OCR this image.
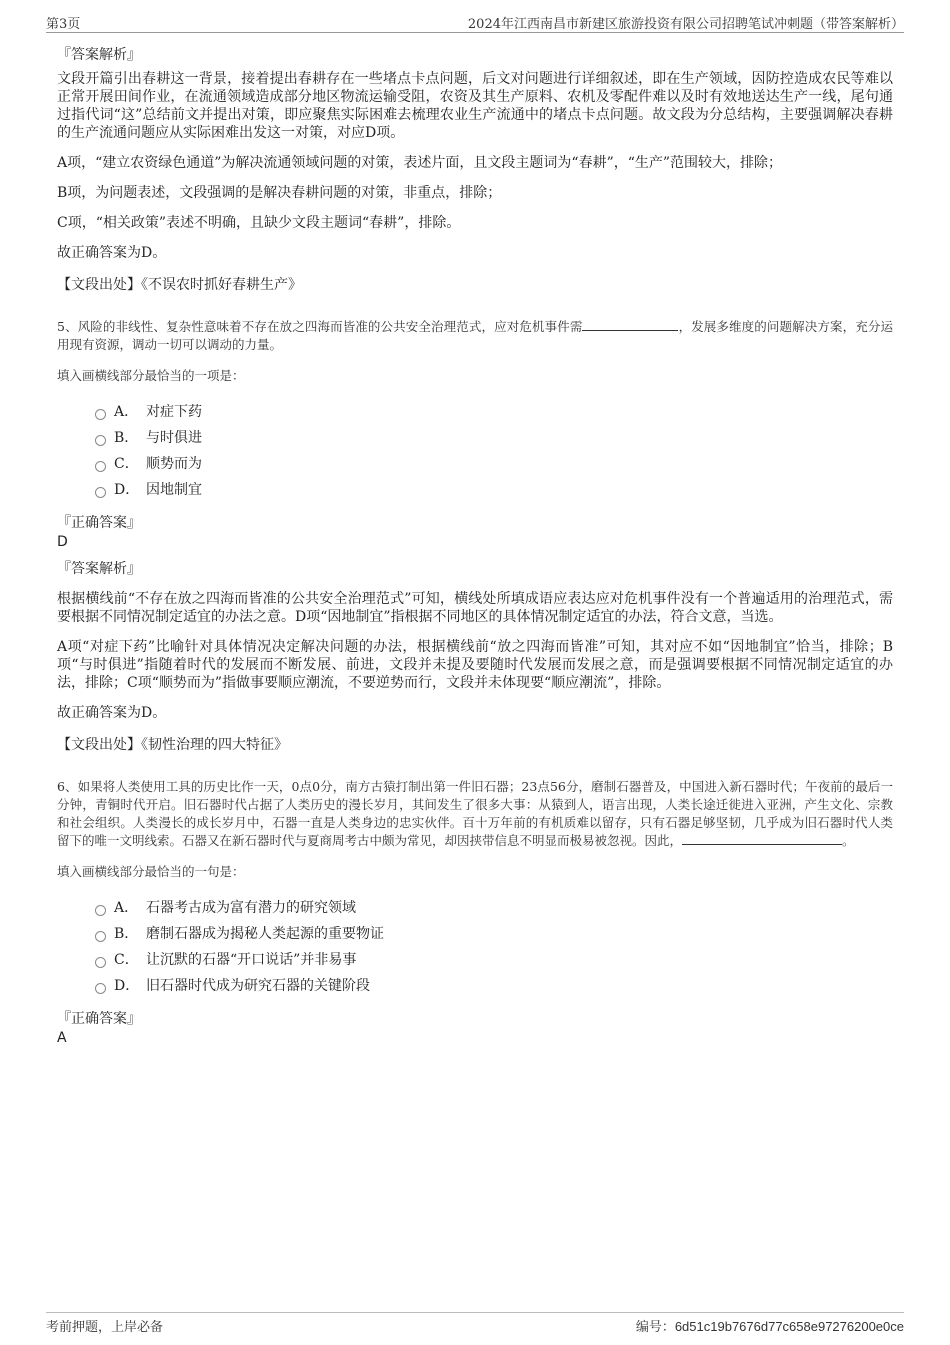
第3页	2024年江西南昌市新建区旅游投资有限公司招聘笔试冲刺题（带答案解析）

『答案解析』

文段开篇引出春耕这一背景，接着提出春耕存在一些堵点卡点问题，后文对问题进行详细叙述，即在生产领域，因防控造成农民等难以正常开展田间作业，在流通领域造成部分地区物流运输受阻，农资及其生产原料、农机及零配件难以及时有效地送达生产一线，尾句通过指代词“这”总结前文并提出对策，即应聚焦实际困难去梳理农业生产流通中的堵点卡点问题。故文段为分总结构，主要强调解决春耕的生产流通问题应从实际困难出发这一对策，对应D项。

A项，“建立农资绿色通道”为解决流通领域问题的对策，表述片面，且文段主题词为“春耕”，“生产”范围较大，排除；

B项，为问题表述，文段强调的是解决春耕问题的对策，非重点，排除；

C项，“相关政策”表述不明确，且缺少文段主题词“春耕”，排除。

故正确答案为D。

【文段出处】《不误农时抓好春耕生产》

5、风险的非线性、复杂性意味着不存在放之四海而皆准的公共安全治理范式，应对危机事件需	，发展多维度的问题解决方案，充分运用现有资源，调动一切可以调动的力量。

填入画横线部分最恰当的一项是：

A． 对症下药
B． 与时俱进
C． 顺势而为
D． 因地制宜

『正确答案』

D

『答案解析』

根据横线前“不存在放之四海而皆准的公共安全治理范式”可知，横线处所填成语应表达应对危机事件没有一个普遍适用的治理范式，需要根据不同情况制定适宜的办法之意。D项“因地制宜”指根据不同地区的具体情况制定适宜的办法，符合文意，当选。

A项“对症下药”比喻针对具体情况决定解决问题的办法，根据横线前“放之四海而皆准”可知，其对应不如“因地制宜”恰当，排除；B项“与时俱进”指随着时代的发展而不断发展、前进，文段并未提及要随时代发展而发展之意，而是强调要根据不同情况制定适宜的办法，排除；C项“顺势而为”指做事要顺应潮流，不要逆势而行，文段并未体现要“顺应潮流”，排除。

故正确答案为D。

【文段出处】《韧性治理的四大特征》

6、如果将人类使用工具的历史比作一天，0点0分，南方古猿打制出第一件旧石器；23点56分，磨制石器普及，中国进入新石器时代；午夜前的最后一分钟，青铜时代开启。旧石器时代占据了人类历史的漫长岁月，其间发生了很多大事：从猿到人，语言出现，人类长途迁徙进入亚洲，产生文化、宗教和社会组织。人类漫长的成长岁月中，石器一直是人类身边的忠实伙伴。百十万年前的有机质难以留存，只有石器足够坚韧，几乎成为旧石器时代人类留下的唯一文明线索。石器又在新石器时代与夏商周考古中颇为常见，却因挟带信息不明显而极易被忽视。因此，	。

填入画横线部分最恰当的一句是：

A． 石器考古成为富有潜力的研究领域
B． 磨制石器成为揭秘人类起源的重要物证
C． 让沉默的石器“开口说话”并非易事
D． 旧石器时代成为研究石器的关键阶段

『正确答案』

A

考前押题，上岸必备	编号：6d51c19b7676d77c658e97276200e0ce
